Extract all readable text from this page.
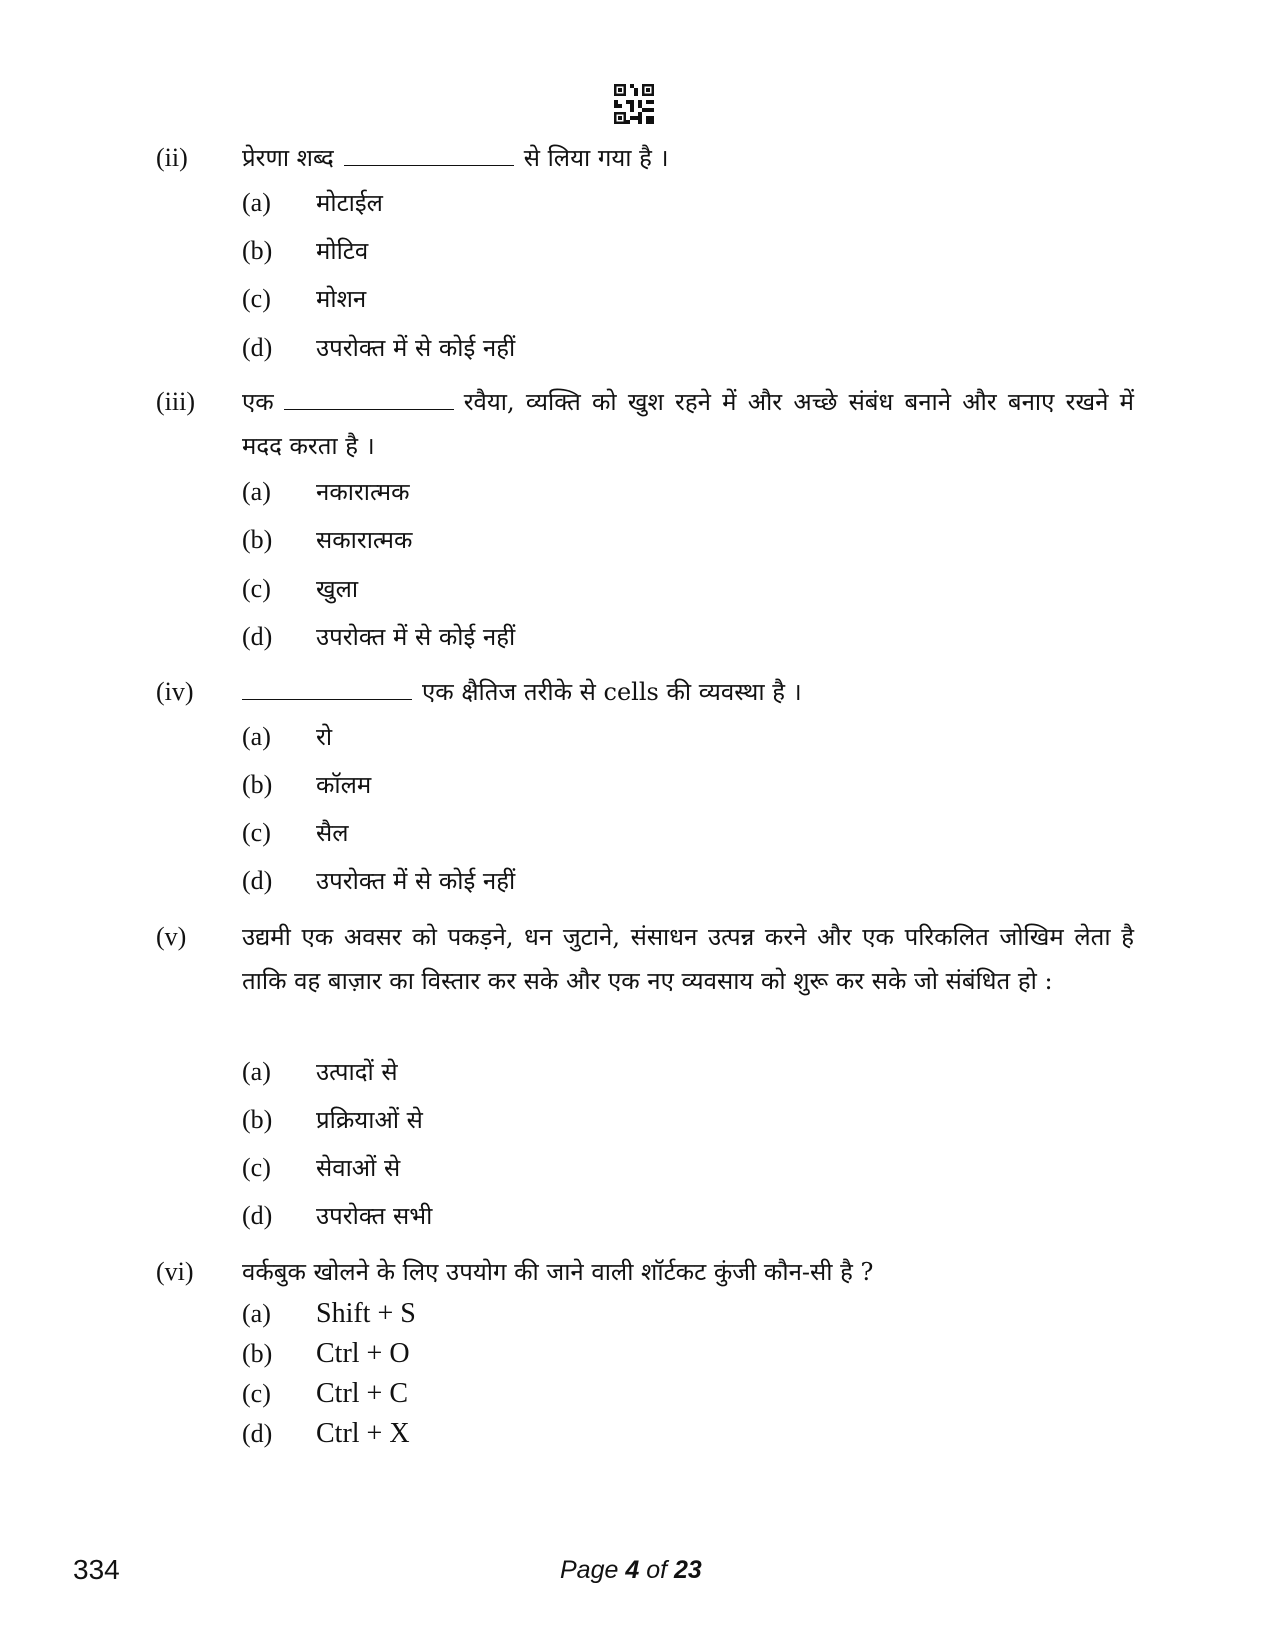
(ii) प्रेरणा शब्द	से लिया गया है ।
(a) मोटाईल
(b) मोटिव
(c) मोशन
(d) उपरोक्त में से कोई नहीं
(iii) एक	रवैया, व्यक्ति को खुश रहने में और अच्छे संबंध बनाने और बनाए रखने में मदद करता है ।
(a) नकारात्मक
(b) सकारात्मक
(c) खुला
(d) उपरोक्त में से कोई नहीं
(iv)	एक क्षैतिज तरीके से cells की व्यवस्था है ।
(a) रो
(b) कॉलम
(c) सैल
(d) उपरोक्त में से कोई नहीं
(v) उद्यमी एक अवसर को पकड़ने, धन जुटाने, संसाधन उत्पन्न करने और एक परिकलित जोखिम लेता है ताकि वह बाज़ार का विस्तार कर सके और एक नए व्यवसाय को शुरू कर सके जो संबंधित हो :
(a) उत्पादों से
(b) प्रक्रियाओं से
(c) सेवाओं से
(d) उपरोक्त सभी
(vi) वर्कबुक खोलने के लिए उपयोग की जाने वाली शॉर्टकट कुंजी कौन-सी है ?
(a) Shift + S
(b) Ctrl + O
(c) Ctrl + C
(d) Ctrl + X
334	Page 4 of 23
